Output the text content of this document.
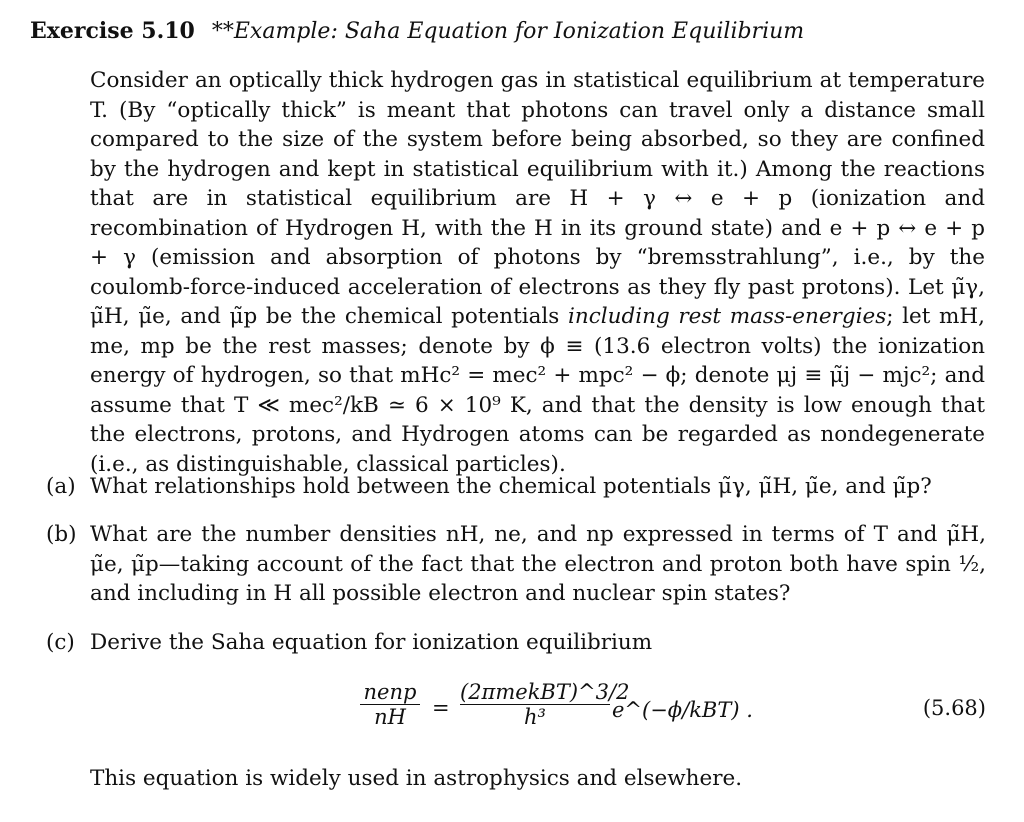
Exercise 5.10 **Example: Saha Equation for Ionization Equilibrium
Consider an optically thick hydrogen gas in statistical equilibrium at temperature T. (By “optically thick” is meant that photons can travel only a distance small compared to the size of the system before being absorbed, so they are confined by the hydrogen and kept in statistical equilibrium with it.) Among the reactions that are in statistical equilibrium are H + γ ↔ e + p (ionization and recombination of Hydrogen H, with the H in its ground state) and e + p ↔ e + p + γ (emission and absorption of photons by “bremsstrahlung”, i.e., by the coulomb-force-induced acceleration of electrons as they fly past protons). Let μ̃γ, μ̃H, μ̃e, and μ̃p be the chemical potentials including rest mass-energies; let mH, me, mp be the rest masses; denote by ϕ ≡ (13.6 electron volts) the ionization energy of hydrogen, so that mHc² = mec² + mpc² − ϕ; denote μj ≡ μ̃j − mjc²; and assume that T ≪ mec²/kB ≃ 6 × 10⁹ K, and that the density is low enough that the electrons, protons, and Hydrogen atoms can be regarded as nondegenerate (i.e., as distinguishable, classical particles).
(a) What relationships hold between the chemical potentials μ̃γ, μ̃H, μ̃e, and μ̃p?
(b) What are the number densities nH, ne, and np expressed in terms of T and μ̃H, μ̃e, μ̃p—taking account of the fact that the electron and proton both have spin ½, and including in H all possible electron and nuclear spin states?
(c) Derive the Saha equation for ionization equilibrium
nenp
nH	=
(2πmekBT)^3/2
h³	e^(−ϕ/kBT) .	(5.68)
This equation is widely used in astrophysics and elsewhere.
